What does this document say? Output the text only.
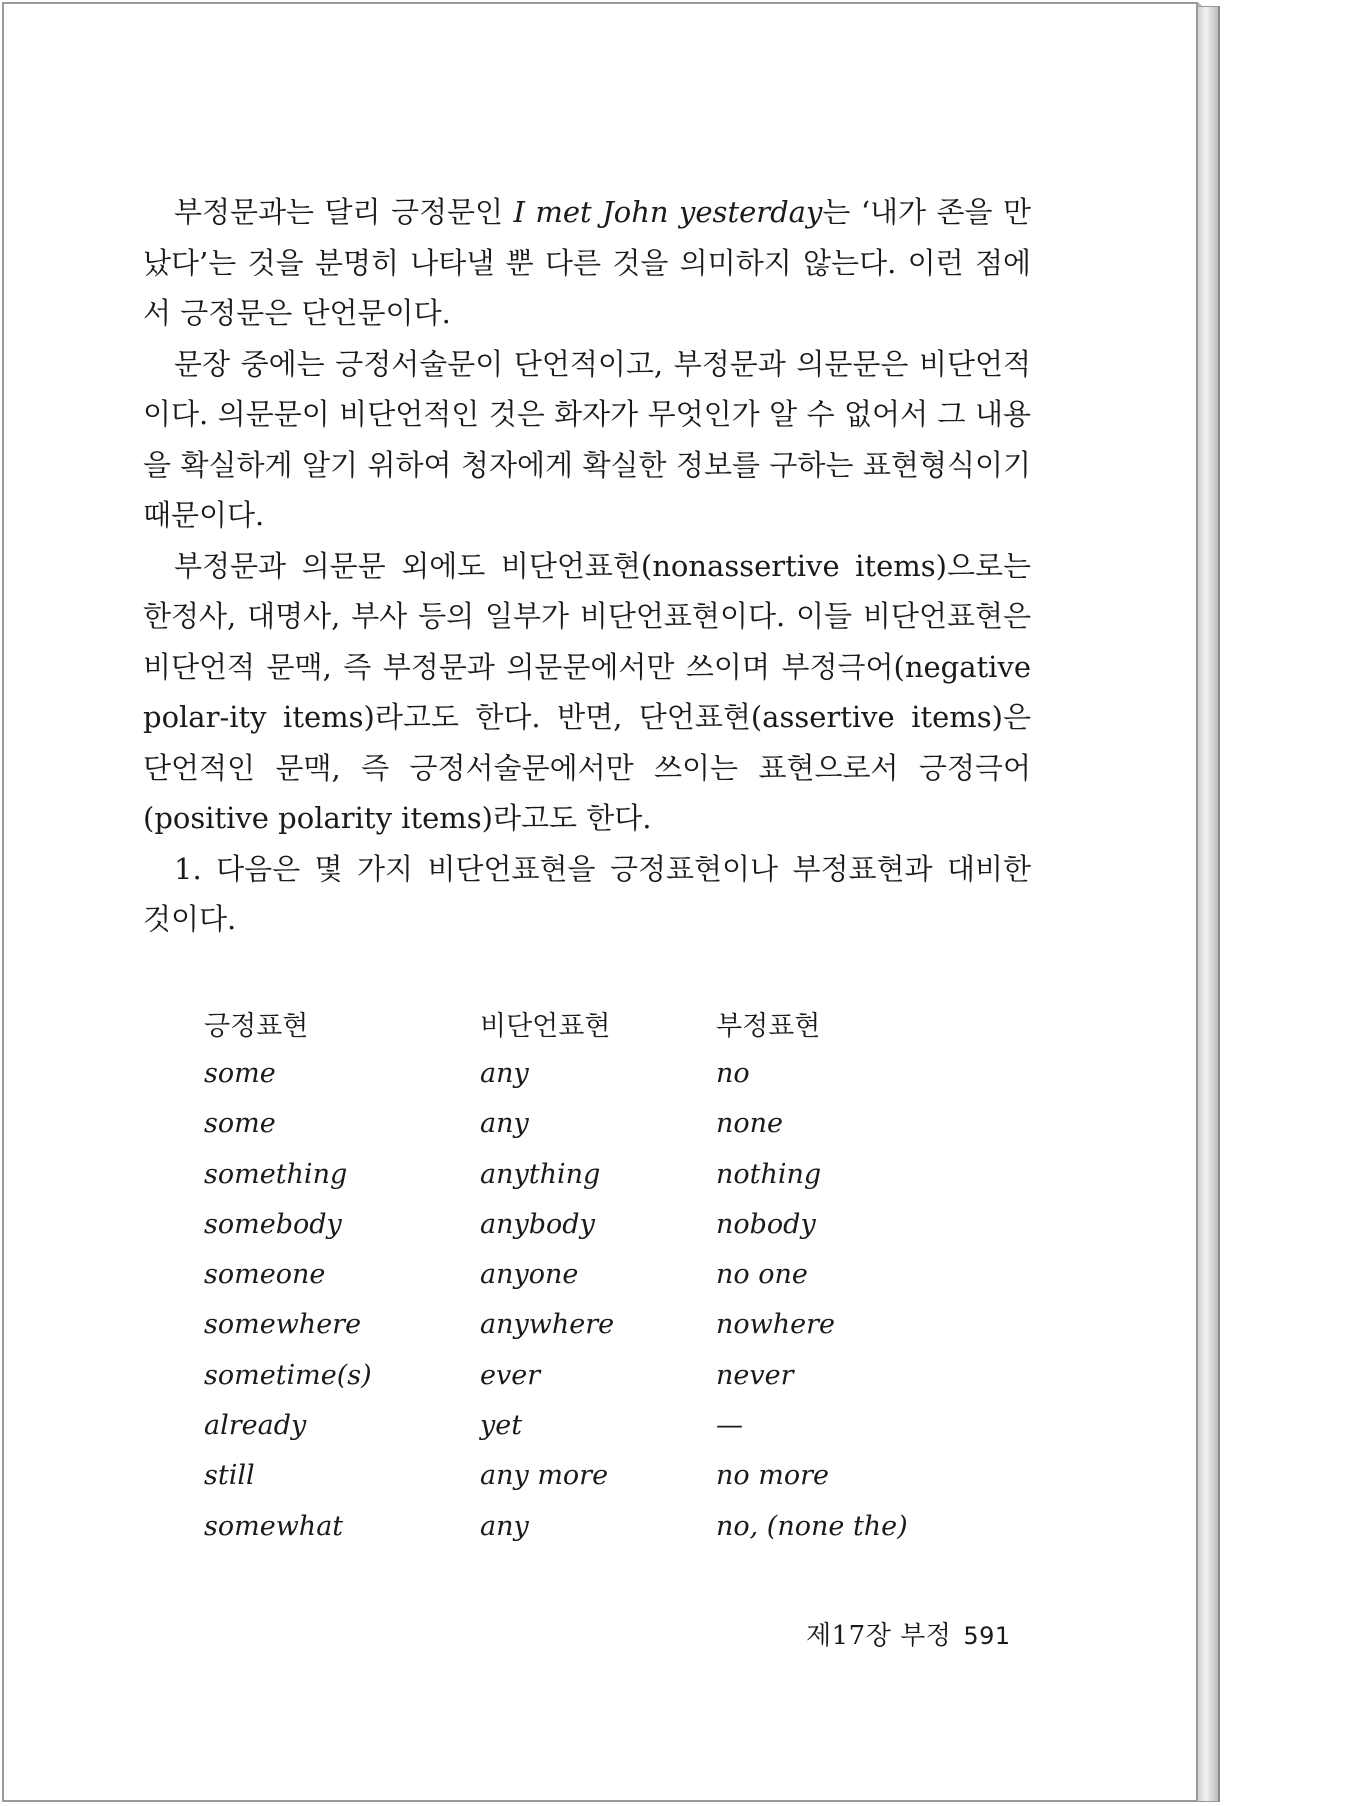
부정문과는 달리 긍정문인 I met John yesterday는 ‘내가 존을 만났다’는 것을 분명히 나타낼 뿐 다른 것을 의미하지 않는다. 이런 점에서 긍정문은 단언문이다.

문장 중에는 긍정서술문이 단언적이고, 부정문과 의문문은 비단언적이다. 의문문이 비단언적인 것은 화자가 무엇인가 알 수 없어서 그 내용을 확실하게 알기 위하여 청자에게 확실한 정보를 구하는 표현형식이기 때문이다.

부정문과 의문문 외에도 비단언표현(nonassertive items)으로는 한정사, 대명사, 부사 등의 일부가 비단언표현이다. 이들 비단언표현은 비단언적 문맥, 즉 부정문과 의문문에서만 쓰이며 부정극어(negative polar-ity items)라고도 한다. 반면, 단언표현(assertive items)은 단언적인 문맥, 즉 긍정서술문에서만 쓰이는 표현으로서 긍정극어(positive polarity items)라고도 한다.

1. 다음은 몇 가지 비단언표현을 긍정표현이나 부정표현과 대비한 것이다.

긍정표현	비단언표현	부정표현
some	any	no
some	any	none
something	anything	nothing
somebody	anybody	nobody
someone	anyone	no one
somewhere	anywhere	nowhere
sometime(s)	ever	never
already	yet	—
still	any more	no more
somewhat	any	no, (none the)
제17장 부정 591
